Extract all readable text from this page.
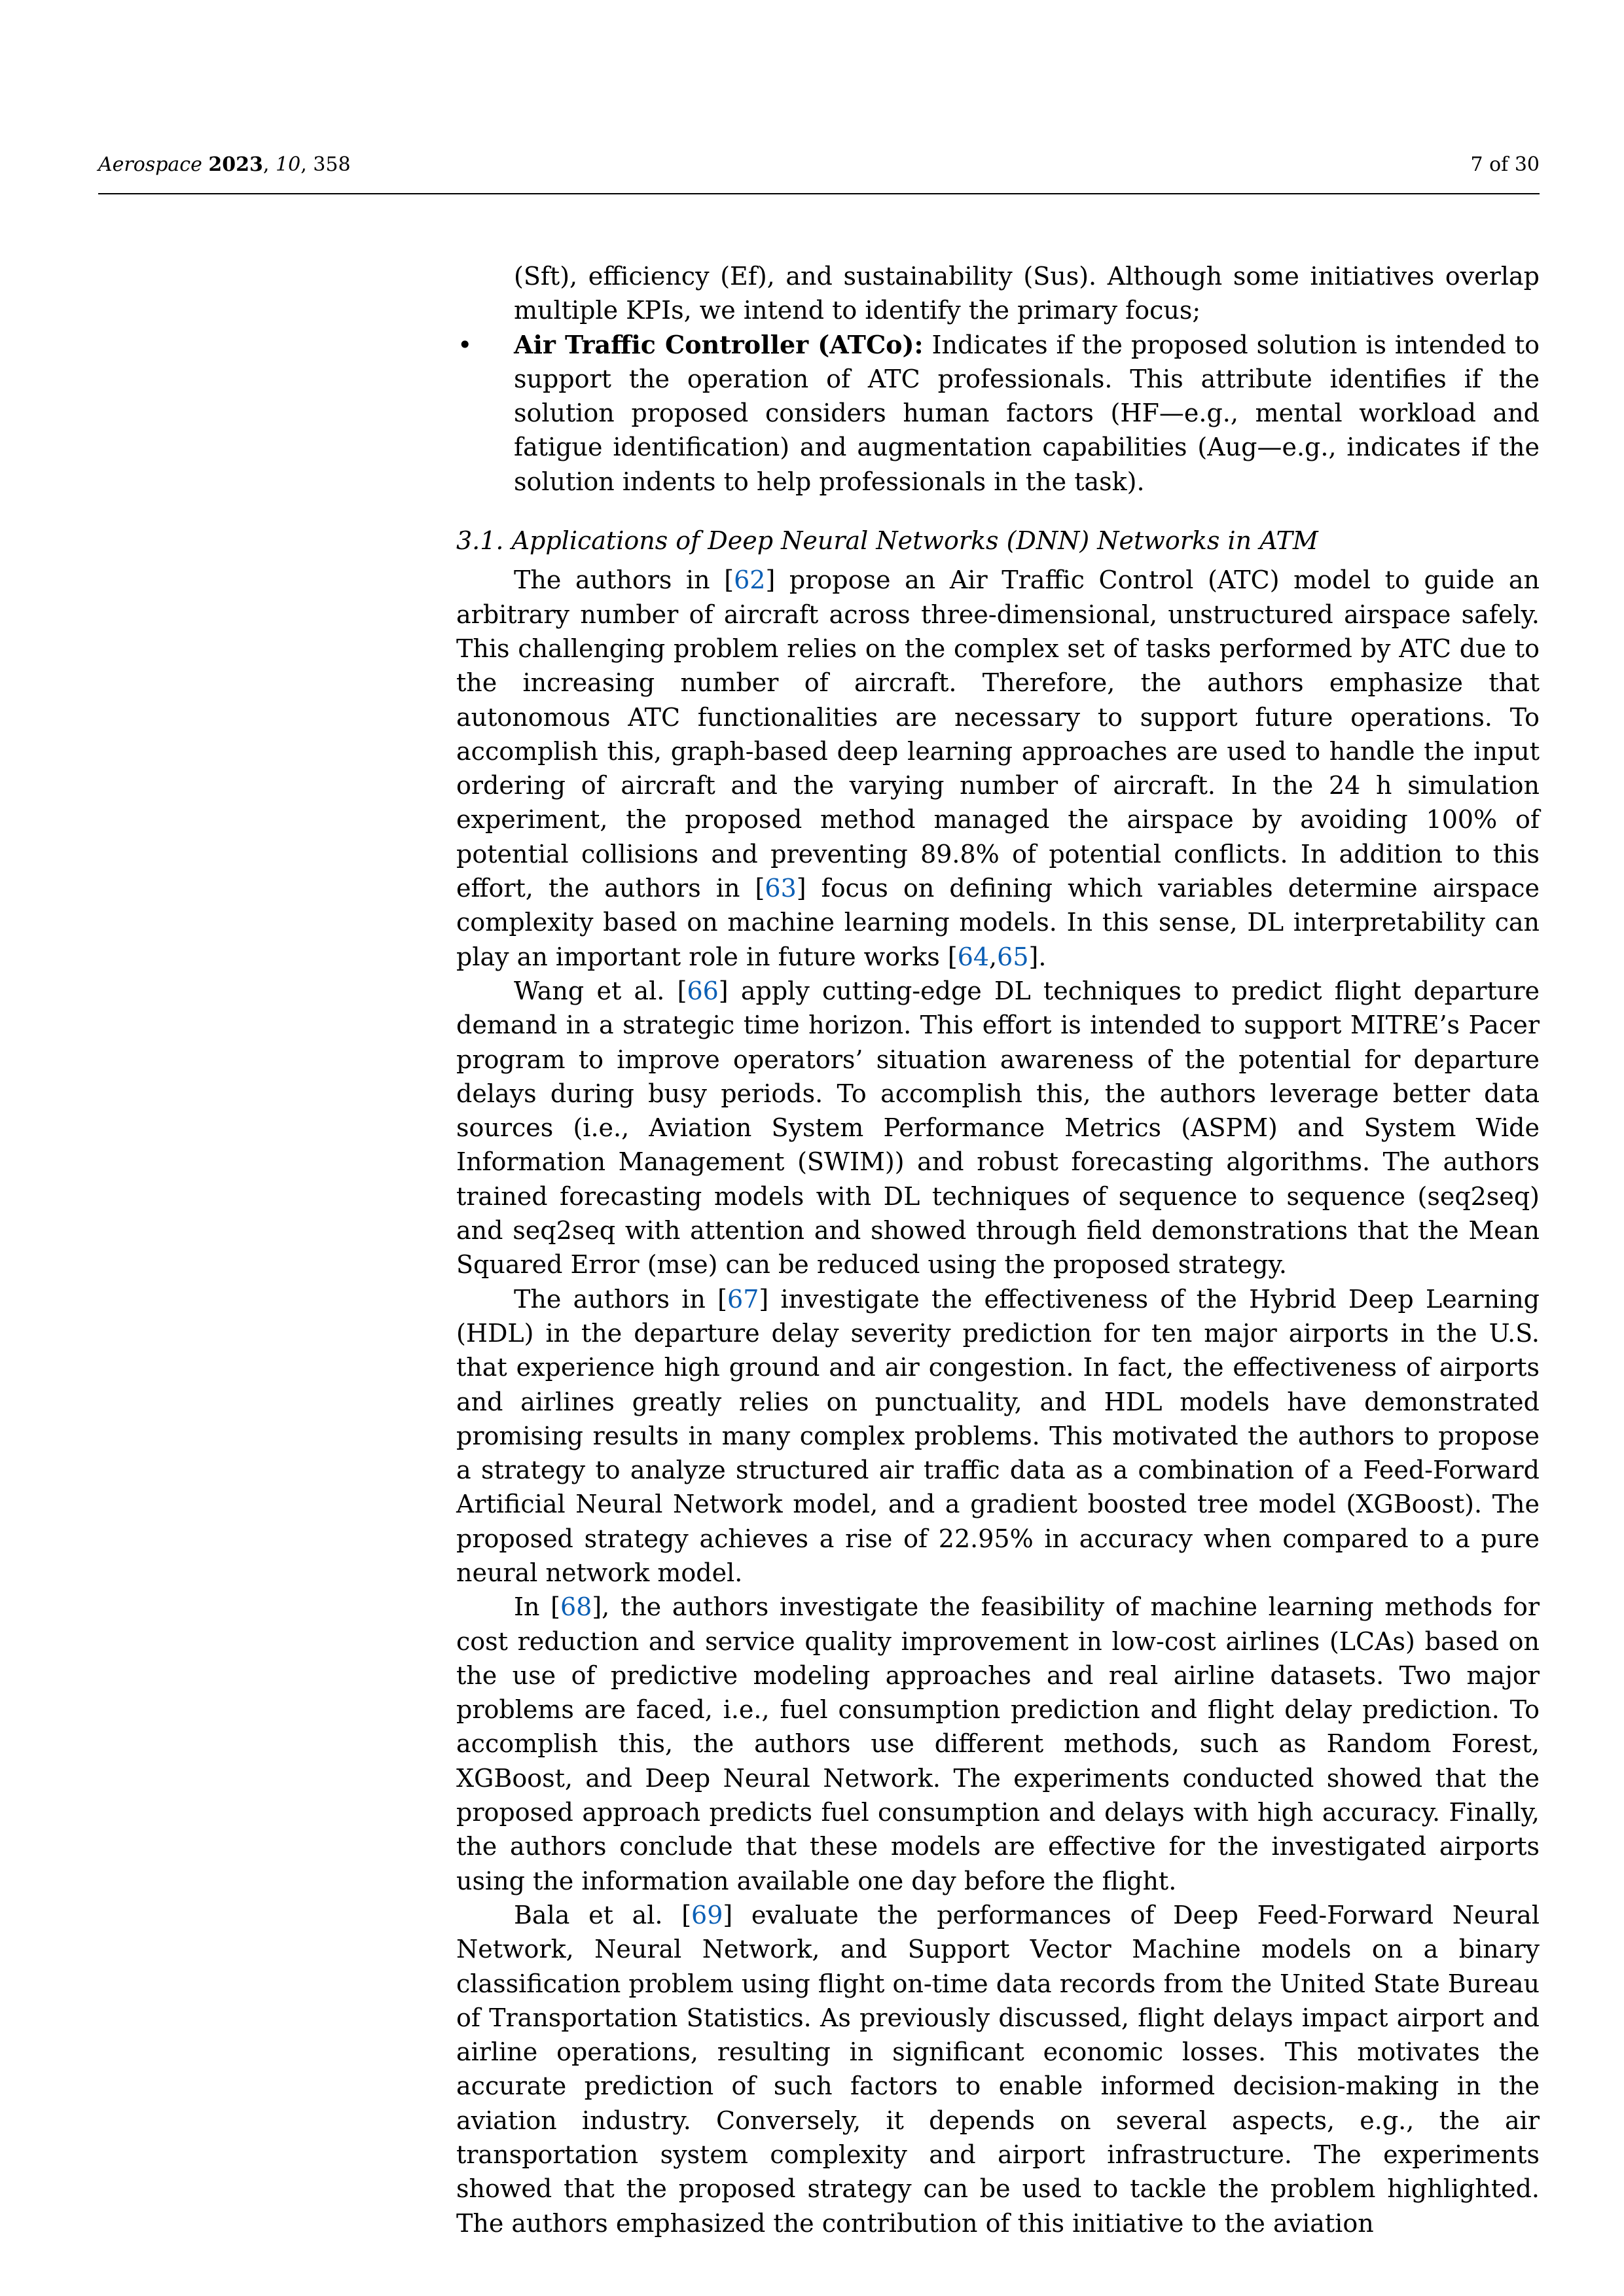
Aerospace 2023, 10, 358	7 of 30

(Sft), efficiency (Ef), and sustainability (Sus). Although some initiatives overlap multiple KPIs, we intend to identify the primary focus;

• Air Traffic Controller (ATCo): Indicates if the proposed solution is intended to support the operation of ATC professionals. This attribute identifies if the solution proposed considers human factors (HF—e.g., mental workload and fatigue identification) and augmentation capabilities (Aug—e.g., indicates if the solution indents to help professionals in the task).

3.1. Applications of Deep Neural Networks (DNN) Networks in ATM

The authors in [62] propose an Air Traffic Control (ATC) model to guide an arbitrary number of aircraft across three-dimensional, unstructured airspace safely. This challenging problem relies on the complex set of tasks performed by ATC due to the increasing number of aircraft. Therefore, the authors emphasize that autonomous ATC functionalities are necessary to support future operations. To accomplish this, graph-based deep learning approaches are used to handle the input ordering of aircraft and the varying number of aircraft. In the 24 h simulation experiment, the proposed method managed the airspace by avoiding 100% of potential collisions and preventing 89.8% of potential conflicts. In addition to this effort, the authors in [63] focus on defining which variables determine airspace complexity based on machine learning models. In this sense, DL interpretability can play an important role in future works [64,65].

Wang et al. [66] apply cutting-edge DL techniques to predict flight departure demand in a strategic time horizon. This effort is intended to support MITRE’s Pacer program to improve operators’ situation awareness of the potential for departure delays during busy periods. To accomplish this, the authors leverage better data sources (i.e., Aviation System Performance Metrics (ASPM) and System Wide Information Management (SWIM)) and robust forecasting algorithms. The authors trained forecasting models with DL techniques of sequence to sequence (seq2seq) and seq2seq with attention and showed through field demonstrations that the Mean Squared Error (mse) can be reduced using the proposed strategy.

The authors in [67] investigate the effectiveness of the Hybrid Deep Learning (HDL) in the departure delay severity prediction for ten major airports in the U.S. that experience high ground and air congestion. In fact, the effectiveness of airports and airlines greatly relies on punctuality, and HDL models have demonstrated promising results in many complex problems. This motivated the authors to propose a strategy to analyze structured air traffic data as a combination of a Feed-Forward Artificial Neural Network model, and a gradient boosted tree model (XGBoost). The proposed strategy achieves a rise of 22.95% in accuracy when compared to a pure neural network model.

In [68], the authors investigate the feasibility of machine learning methods for cost reduction and service quality improvement in low-cost airlines (LCAs) based on the use of predictive modeling approaches and real airline datasets. Two major problems are faced, i.e., fuel consumption prediction and flight delay prediction. To accomplish this, the authors use different methods, such as Random Forest, XGBoost, and Deep Neural Network. The experiments conducted showed that the proposed approach predicts fuel consumption and delays with high accuracy. Finally, the authors conclude that these models are effective for the investigated airports using the information available one day before the flight.

Bala et al. [69] evaluate the performances of Deep Feed-Forward Neural Network, Neural Network, and Support Vector Machine models on a binary classification problem using flight on-time data records from the United State Bureau of Transportation Statistics. As previously discussed, flight delays impact airport and airline operations, resulting in significant economic losses. This motivates the accurate prediction of such factors to enable informed decision-making in the aviation industry. Conversely, it depends on several aspects, e.g., the air transportation system complexity and airport infrastructure. The experiments showed that the proposed strategy can be used to tackle the problem highlighted. The authors emphasized the contribution of this initiative to the aviation
